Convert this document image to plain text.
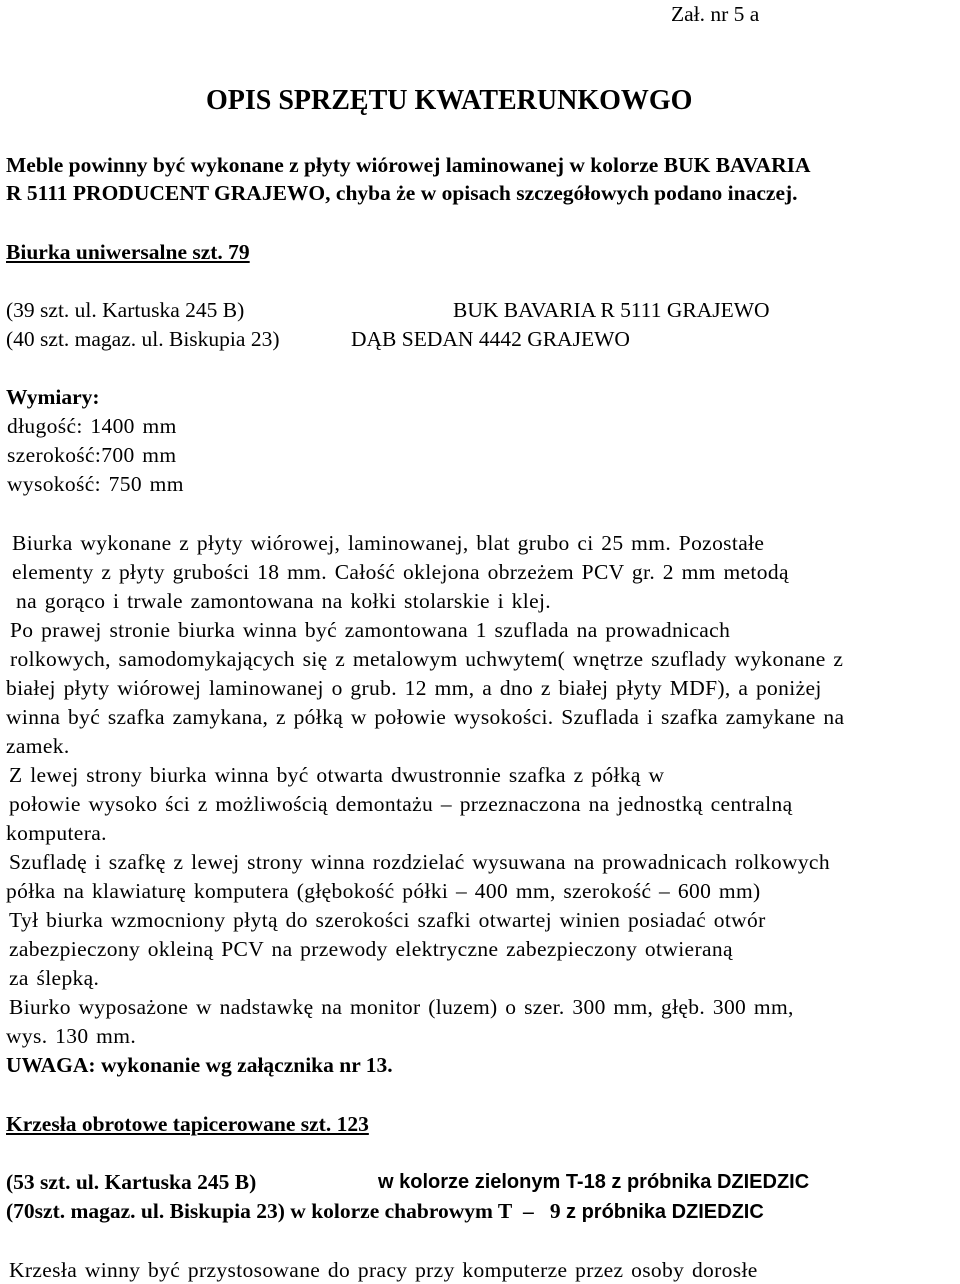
Zał. nr 5 a
OPIS SPRZĘTU KWATERUNKOWGO
Meble powinny być wykonane z płyty wiórowej laminowanej w kolorze BUK BAVARIA
R 5111 PRODUCENT GRAJEWO, chyba że w opisach szczegółowych podano inaczej.
Biurka uniwersalne szt. 79
(39 szt. ul. Kartuska 245 B)	BUK BAVARIA R 5111 GRAJEWO
(40 szt. magaz. ul. Biskupia 23)	DĄB SEDAN 4442 GRAJEWO
Wymiary:
długość: 1400 mm
szerokość:700 mm
wysokość: 750 mm
Biurka wykonane z płyty wiórowej, laminowanej, blat grubo ci 25 mm. Pozostałe
elementy z płyty grubości 18 mm. Całość oklejona obrzeżem PCV gr. 2 mm metodą
na gorąco i trwale zamontowana na kołki stolarskie i klej.
Po prawej stronie biurka winna być zamontowana 1 szuflada na prowadnicach
rolkowych, samodomykających się z metalowym uchwytem( wnętrze szuflady wykonane z
białej płyty wiórowej laminowanej o grub. 12 mm, a dno z białej płyty MDF), a poniżej
winna być szafka zamykana, z półką w połowie wysokości. Szuflada i szafka zamykane na
zamek.
Z lewej strony biurka winna być otwarta dwustronnie szafka z półką w
połowie wysoko ści z możliwością demontażu – przeznaczona na jednostką centralną
komputera.
Szufladę i szafkę z lewej strony winna rozdzielać wysuwana na prowadnicach rolkowych
półka na klawiaturę komputera (głębokość półki – 400 mm, szerokość – 600 mm)
Tył biurka wzmocniony płytą do szerokości szafki otwartej winien posiadać otwór
zabezpieczony okleiną PCV na przewody elektryczne zabezpieczony otwieraną
za ślepką.
Biurko wyposażone w nadstawkę na monitor (luzem) o szer. 300 mm, głęb. 300 mm,
wys. 130 mm.
UWAGA: wykonanie wg załącznika nr 13.
Krzesła obrotowe tapicerowane szt. 123
(53 szt. ul. Kartuska 245 B)	w kolorze zielonym T-18 z próbnika DZIEDZIC
(70szt. magaz. ul. Biskupia 23) w kolorze chabrowym T – 9 z próbnika DZIEDZIC
Krzesła winny być przystosowane do pracy przy komputerze przez osoby dorosłe
